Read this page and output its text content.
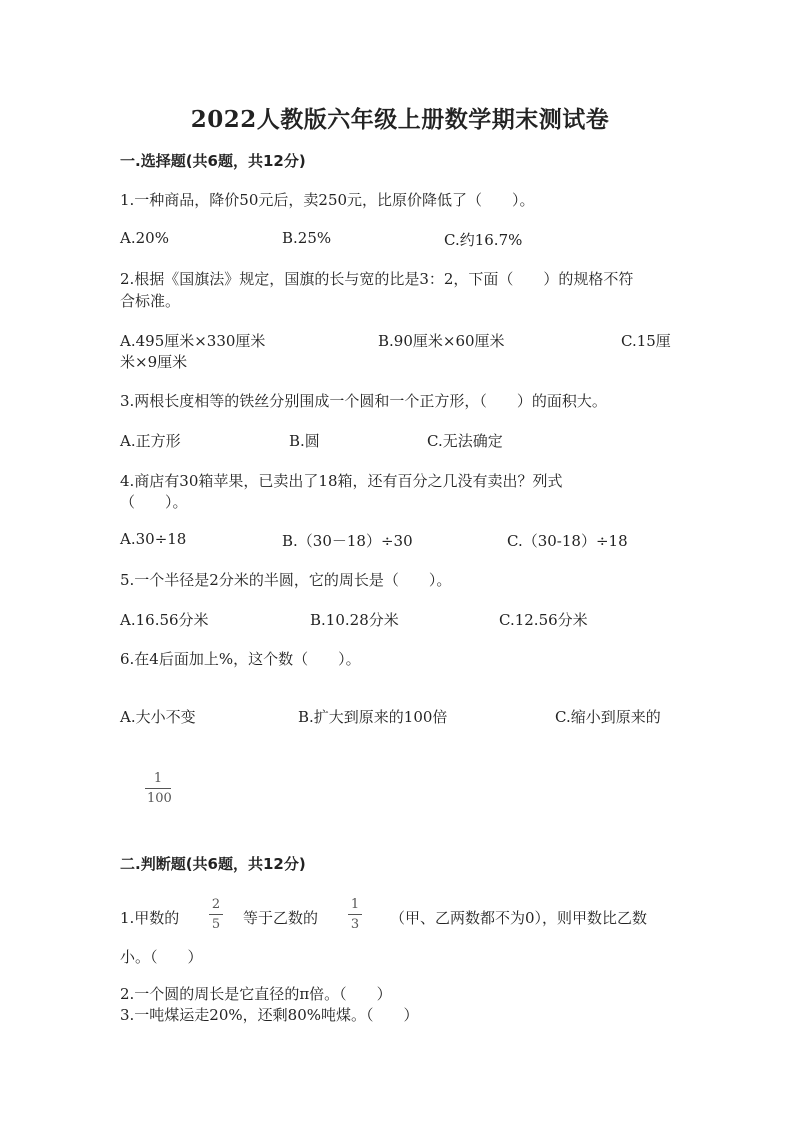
2022人教版六年级上册数学期末测试卷
一.选择题(共6题，共12分)
1.一种商品，降价50元后，卖250元，比原价降低了（　　）。
A.20%	B.25%	C.约16.7%
2.根据《国旗法》规定，国旗的长与宽的比是3：2，下面（　　）的规格不符
合标准。
A.495厘米×330厘米	B.90厘米×60厘米	C.15厘
米×9厘米
3.两根长度相等的铁丝分别围成一个圆和一个正方形，（　　）的面积大。
A.正方形	B.圆	C.无法确定
4.商店有30箱苹果，已卖出了18箱，还有百分之几没有卖出？列式
（　　）。
A.30÷18	B.（30－18）÷30	C.（30-18）÷18
5.一个半径是2分米的半圆，它的周长是（　　）。
A.16.56分米	B.10.28分米	C.12.56分米
6.在4后面加上%，这个数（　　）。
A.大小不变	B.扩大到原来的100倍	C.缩小到原来的
1
100
二.判断题(共6题，共12分)
1.甲数的
2
5 等于乙数的
1
3 （甲、乙两数都不为0），则甲数比乙数
小。（　　）
2.一个圆的周长是它直径的π倍。（　　）
3.一吨煤运走20%，还剩80%吨煤。（　　）
